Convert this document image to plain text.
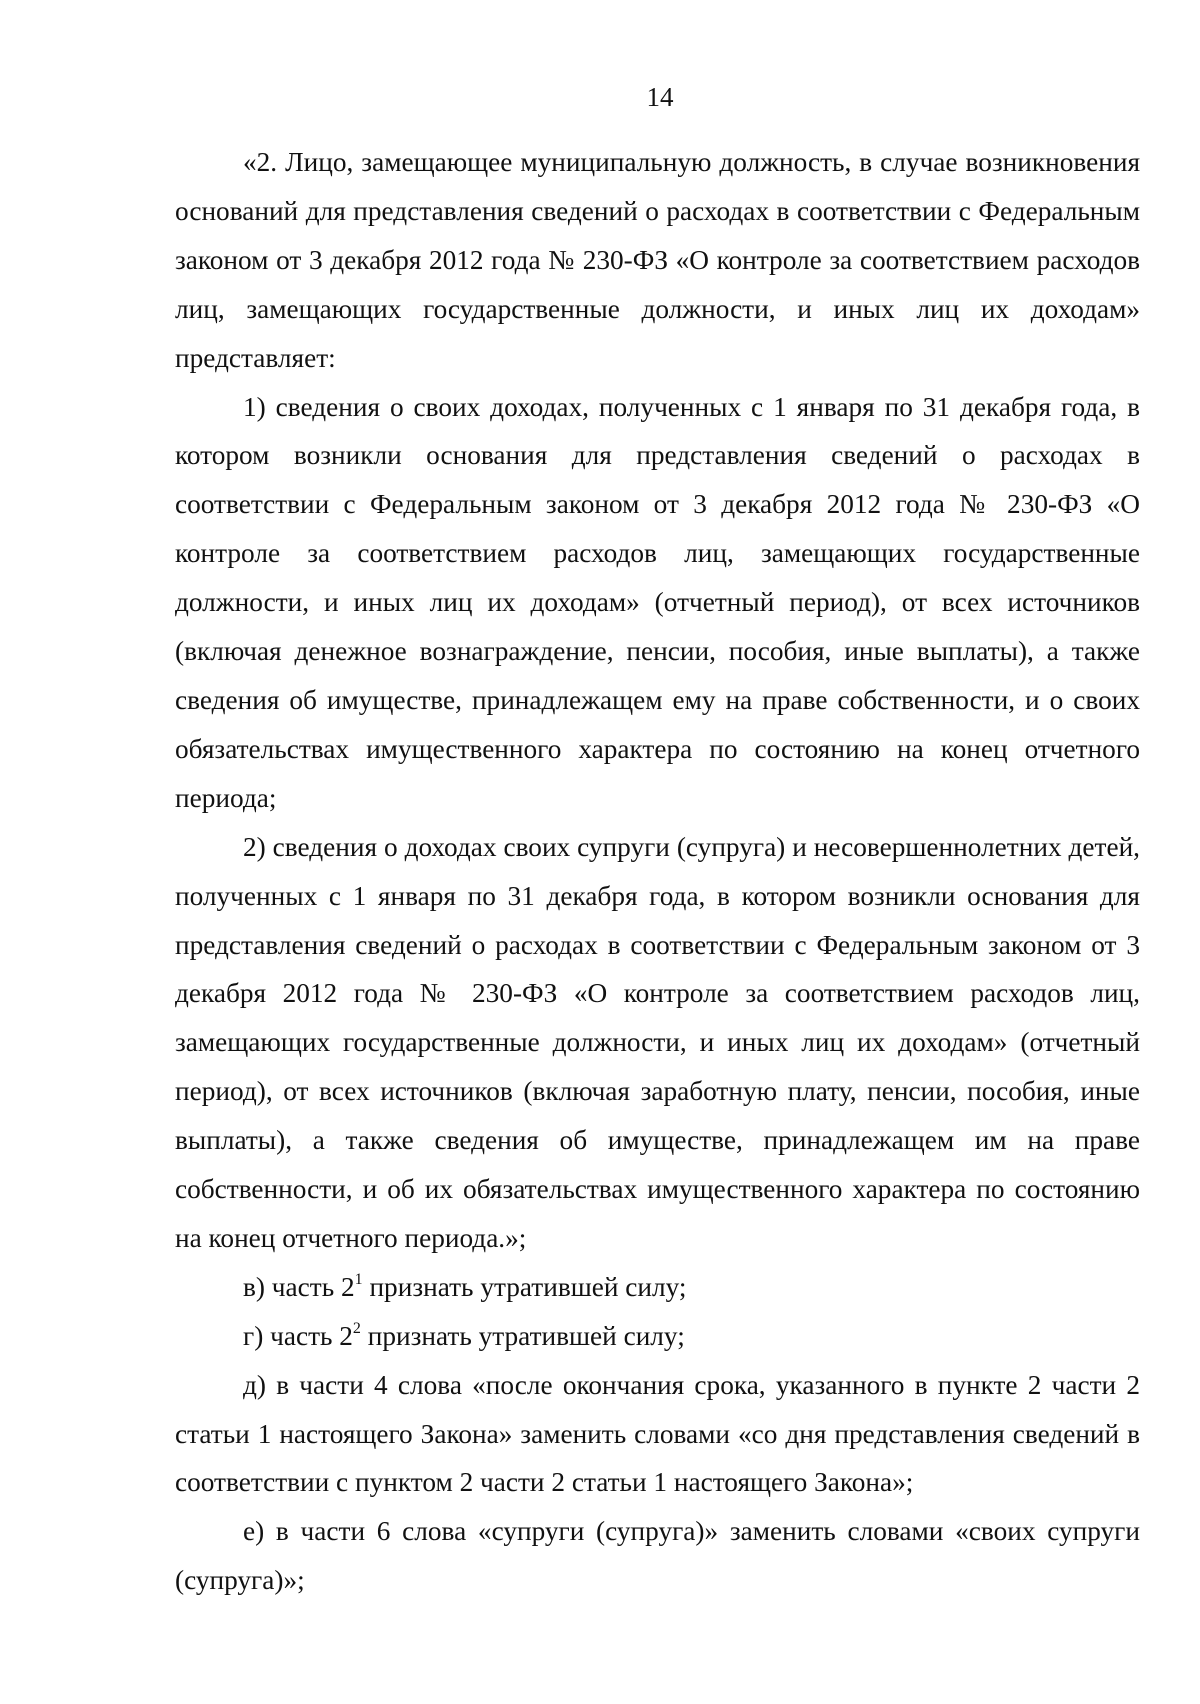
14

«2. Лицо, замещающее муниципальную должность, в случае возникновения оснований для представления сведений о расходах в соответствии с Федеральным законом от 3 декабря 2012 года № 230-ФЗ «О контроле за соответствием расходов лиц, замещающих государственные должности, и иных лиц их доходам» представляет:

1) сведения о своих доходах, полученных с 1 января по 31 декабря года, в котором возникли основания для представления сведений о расходах в соответствии с Федеральным законом от 3 декабря 2012 года № 230-ФЗ «О контроле за соответствием расходов лиц, замещающих государственные должности, и иных лиц их доходам» (отчетный период), от всех источников (включая денежное вознаграждение, пенсии, пособия, иные выплаты), а также сведения об имуществе, принадлежащем ему на праве собственности, и о своих обязательствах имущественного характера по состоянию на конец отчетного периода;

2) сведения о доходах своих супруги (супруга) и несовершеннолетних детей, полученных с 1 января по 31 декабря года, в котором возникли основания для представления сведений о расходах в соответствии с Федеральным законом от 3 декабря 2012 года № 230-ФЗ «О контроле за соответствием расходов лиц, замещающих государственные должности, и иных лиц их доходам» (отчетный период), от всех источников (включая заработную плату, пенсии, пособия, иные выплаты), а также сведения об имуществе, принадлежащем им на праве собственности, и об их обязательствах имущественного характера по состоянию на конец отчетного периода.»;

в) часть $2^1$ признать утратившей силу;

г) часть $2^2$ признать утратившей силу;

д) в части 4 слова «после окончания срока, указанного в пункте 2 части 2 статьи 1 настоящего Закона» заменить словами «со дня представления сведений в соответствии с пунктом 2 части 2 статьи 1 настоящего Закона»;

е) в части 6 слова «супруги (супруга)» заменить словами «своих супруги (супруга)»;
